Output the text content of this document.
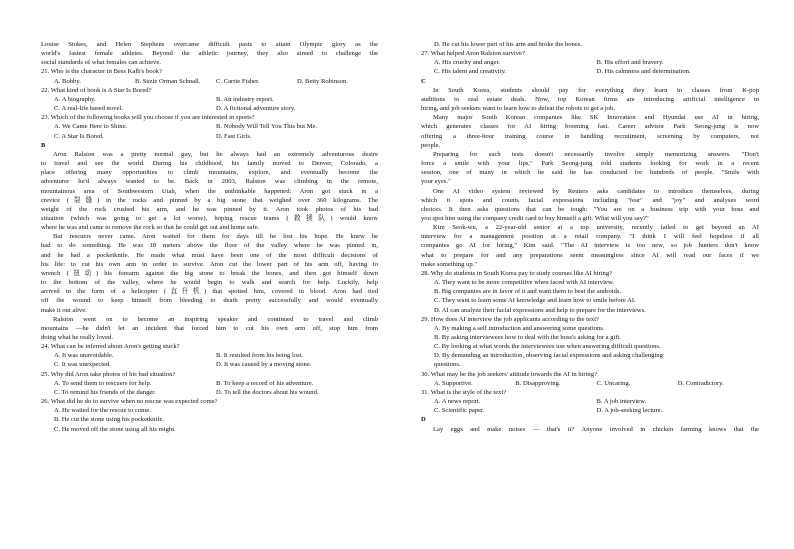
Louise Stokes, and Helen Stephens overcame difficult pasts to attain Olympic glory as the

world's fastest female athletes. Beyond the athletic journey, they also aimed to challenge the

social standards of what females can achieve.

21. Who is the character in Bess Kalb's book?

A. Bobby.	B. Suzie Orman Schnall.	C. Carrie Fisher.	D. Betty Robinson.

22. What kind of book is A Star Is Bored?

A. A biography.	B. An industry report.
C. A real-life based novel.	D. A fictional adventure story.

23. Which of the following books will you choose if you are interested in sports?

A. We Came Here to Shine.	B. Nobody Will Tell You This but Me.
C. A Star Is Bored.	D. Fast Girls.

B

Aron Ralston was a pretty normal guy, but he always had an extremely adventurous desire

to travel and see the world. During his childhood, his family moved to Denver, Colorado, a

place offering many opportunities to climb mountains, explore, and eventually become the

adventurer he'd always wanted to be. Back in 2003, Ralston was climbing in the remote,

mountainous area of Southwestern Utah, when the unthinkable happened: Aron got stuck in a

crevice (裂缝) in the rocks and pinned by a big stone that weighed over 360 kilograms. The

weight of the rock crushed his arm, and he was pinned by it. Aron took photos of his bad

situation (which was going to get a lot worse), hoping rescue teams (救援队) would know

where he was and came to remove the rock so that he could get out and home safe.

But rescuers never came. Aron waited for them for days till he lost his hope. He knew he

had to do something. He was 18 meters above the floor of the valley where he was pinned in,

and he had a pocketknife. He made what must have been one of the most difficult decisions of

his life: to cut his own arm in order to survive. Aron cut the lower part of his arm off, having to

wrench (扭动) his forearm against the big stone to break the bones, and then got himself down

to the bottom of the valley, where he would begin to walk and search for help. Luckily, help

arrived in the form of a helicopter (直升机) that spotted him, covered in blood. Aron had tied

off the wound to keep himself from bleeding to death pretty successfully and would eventually

make it out alive.

Ralston went on to become an inspiring speaker and continued to travel and climb

mountains —he didn't let an incident that forced him to cut his own arm off, stop him from

doing what he really loved.

24. What can be inferred about Aron's getting stuck?

A. It was unavoidable.	B. It resulted from his being lost.
C. It was unexpected.	D. It was caused by a moving stone.

25. Why did Aron take photos of his bad situation?

A. To send them to rescuers for help.	B. To keep a record of his adventure.
C. To remind his friends of the danger.	D. To tell the doctors about his wound.

26. What did he do to survive when no rescue was expected come?

A. He waited for the rescue to come.

B. He cut the stone using his pocketknife.

C. He moved off the stone using all his might.

D. He cut his lower part of his arm and broke the bones.

27. What helped Aron Ralston survive?

A. His cruelty and anger.	B. His effort and bravery.
C. His talent and creativity.	D. His calmness and determination.

C

In South Korea, students should pay for everything they learn in classes from K-pop

auditions to real estate deals. Now, top Korean firms are introducing artificial intelligence in

hiring, and job seekers want to learn how to defeat the robots to get a job.

Many major South Korean companies like SK Innovation and Hyundai use AI in hiring,

which generates classes for AI hiring booming fast. Career advisor Park Seong-jung is now

offering a three-hour training course in handling recruitment, screening by computers, not

people.

Preparing for such tests doesn't necessarily involve simply memorizing answers. "Don't

force a smile with your lips," Park Seong-jung told students looking for work in a recent

session, one of many in which he said he has conducted for hundreds of people. "Smile with

your eyes."

One AI video system reviewed by Reuters asks candidates to introduce themselves, during

which it spots and counts facial expressions including "fear" and "joy" and analyses word

choices. It then asks questions that can be tough: "You are on a business trip with your boss and

you spot him using the company credit card to buy himself a gift. What will you say?"

Kim Seok-wu, a 22-year-old senior at a top university, recently failed to get beyond an AI

interview for a management position at a retail company. "I think I will feel hopeless if all

companies go AI for hiring," Kim said. "The AI interview is too new, so job hunters don't know

what to prepare for and any preparations seem meaningless since AI will read our faces if we

make something up."

28. Why do students in South Korea pay to study courses like AI hiring?

A. They want to be more competitive when faced with AI interview.

B. Big companies are in favor of it and want them to beat the androids.

C. They want to learn some AI knowledge and learn how to smile before AI.

D. AI can analyze their facial expressions and help to prepare for the interviews.

29. How does AI interview the job applicants according to the text?

A. By making a self introduction and answering some questions.

B. By asking interviewees how to deal with the boss's asking for a gift.

C. By looking at what words the interviewees use when answering difficult questions.

D. By demanding an introduction, observing facial expressions and asking challenging

questions.

30. What may be the job seekers' attitude towards the AI in hiring?

A. Supportive.	B. Disapproving.	C. Uncaring.	D. Contradictory.

31. What is the style of the text?

A. A news report.	B. A job interview.
C. Scientific paper.	D. A job-seeking lecture.

D

Lay eggs and make noises — that's it? Anyone involved in chicken farming knows that the
